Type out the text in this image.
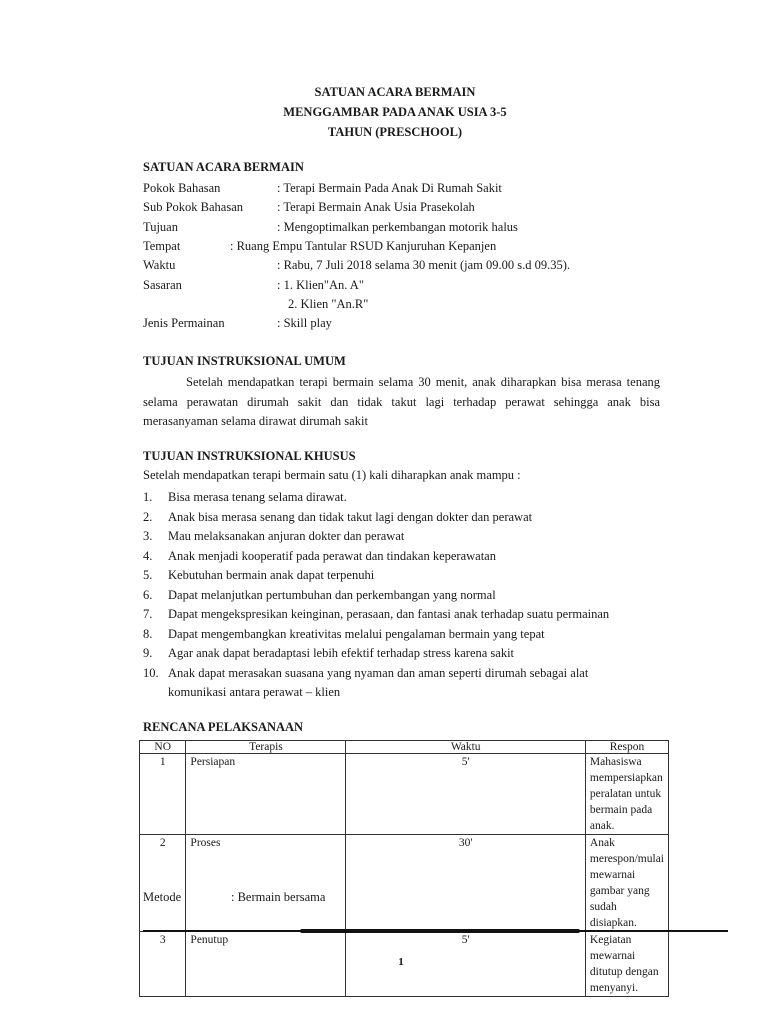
SATUAN ACARA BERMAIN
MENGGAMBAR PADA ANAK USIA 3-5
TAHUN (PRESCHOOL)
SATUAN ACARA BERMAIN
Pokok Bahasan	: Terapi Bermain Pada Anak Di Rumah Sakit
Sub Pokok Bahasan	: Terapi Bermain Anak Usia Prasekolah
Tujuan	: Mengoptimalkan perkembangan motorik halus
Tempat	: Ruang Empu Tantular RSUD Kanjuruhan Kepanjen
Waktu	: Rabu, 7 Juli 2018 selama 30 menit (jam 09.00 s.d 09.35).
Sasaran	: 1. Klien"An. A"
2. Klien "An.R"
Jenis Permainan	: Skill play
TUJUAN INSTRUKSIONAL UMUM
Setelah mendapatkan terapi bermain selama 30 menit, anak diharapkan bisa merasa tenang selama perawatan dirumah sakit dan tidak takut lagi terhadap perawat sehingga anak bisa merasanyaman selama dirawat dirumah sakit
TUJUAN INSTRUKSIONAL KHUSUS
Setelah mendapatkan terapi bermain satu (1) kali diharapkan anak mampu :
1.	Bisa merasa tenang selama dirawat.
2.	Anak bisa merasa senang dan tidak takut lagi dengan dokter dan perawat
3.	Mau melaksanakan anjuran dokter dan perawat
4.	Anak menjadi kooperatif pada perawat dan tindakan keperawatan
5.	Kebutuhan bermain anak dapat terpenuhi
6.	Dapat melanjutkan pertumbuhan dan perkembangan yang normal
7.	Dapat mengekspresikan keinginan, perasaan, dan fantasi anak terhadap suatu permainan
8.	Dapat mengembangkan kreativitas melalui pengalaman bermain yang tepat
9.	Agar anak dapat beradaptasi lebih efektif terhadap stress karena sakit
10. Anak dapat merasakan suasana yang nyaman dan aman seperti dirumah sebagai alat
komunikasi antara perawat – klien
RENCANA PELAKSANAAN
NO	Terapis	Waktu	Respon
1	Persiapan	5'	Mahasiswa mempersiapkan peralatan untuk bermain pada anak.
2	Proses	30'	Anak merespon/mulai mewarnai gambar yang sudah disiapkan.
3	Penutup	5'	Kegiatan mewarnai ditutup dengan menyanyi.
Metode	: Bermain bersama
1
